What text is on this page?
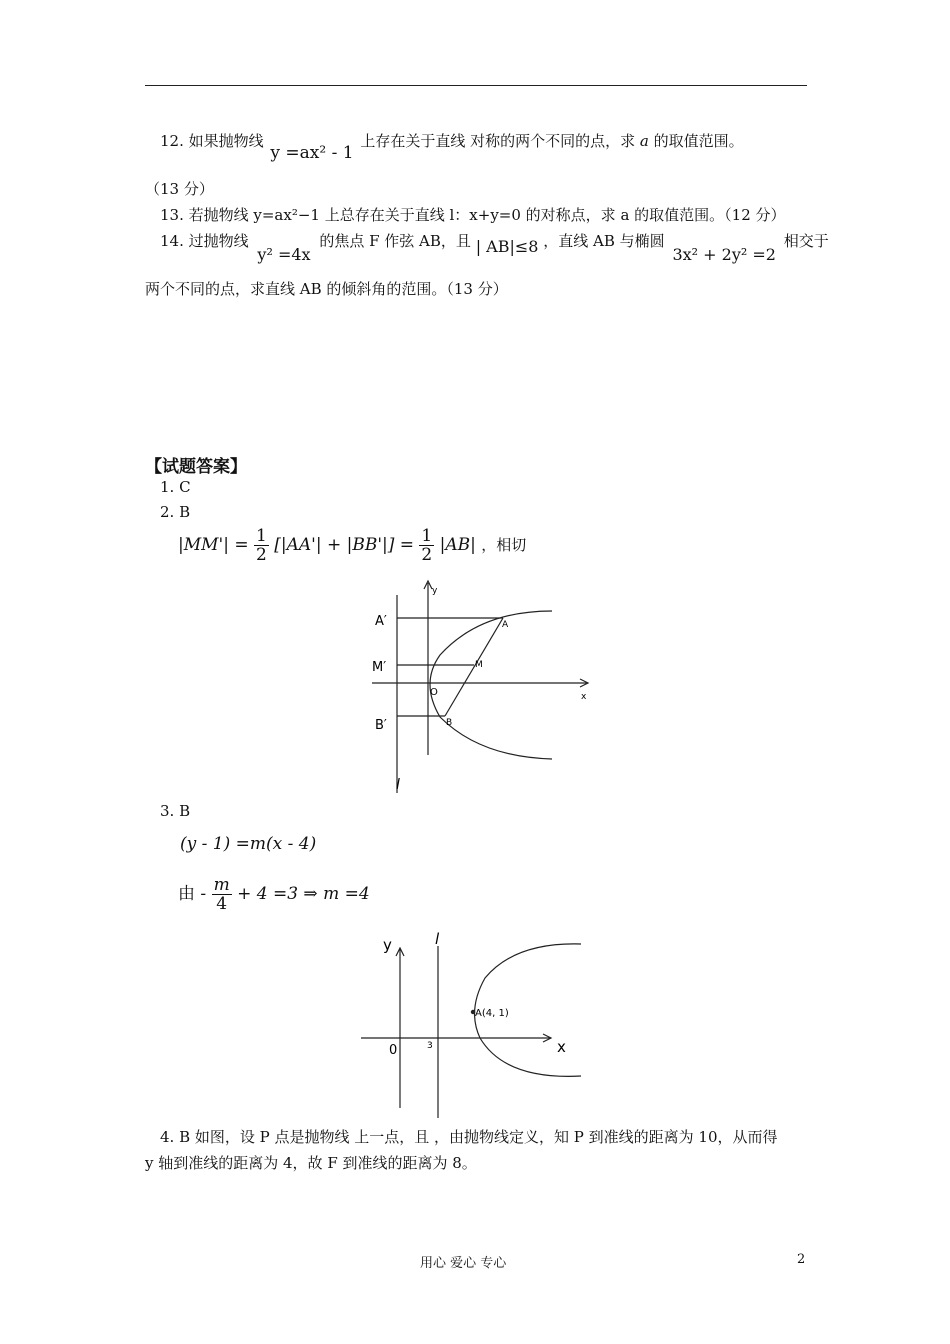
12. 如果抛物线 y =ax² - 1 上存在关于直线 对称的两个不同的点，求 a 的取值范围。
（13 分）
13. 若抛物线 y=ax²−1 上总存在关于直线 l：x+y=0 的对称点，求 a 的取值范围。（12 分）
14. 过抛物线 y² =4x 的焦点 F 作弦 AB，且 | AB|≤8 ，直线 AB 与椭圆 3x² + 2y² =2 相交于
两个不同的点，求直线 AB 的倾斜角的范围。（13 分）
【试题答案】
1. C
2. B
$|MM'| = \frac{1}{2} [|AA'| + |BB'|] = \frac{1}{2} |AB|$ ，相切
A′
M′
B′
A
M
B
O	x
y
l
3. B
(y - 1) =m(x - 4)
由 - $\frac{m}{4} + 4 =3$ ⇒ m =4
A(4, 1)
y	l
x
0	3
4. B 如图，设 P 点是抛物线 上一点，且 ，由抛物线定义，知 P 到准线的距离为 10，从而得
y 轴到准线的距离为 4，故 F 到准线的距离为 8。
用心 爱心 专心	2
